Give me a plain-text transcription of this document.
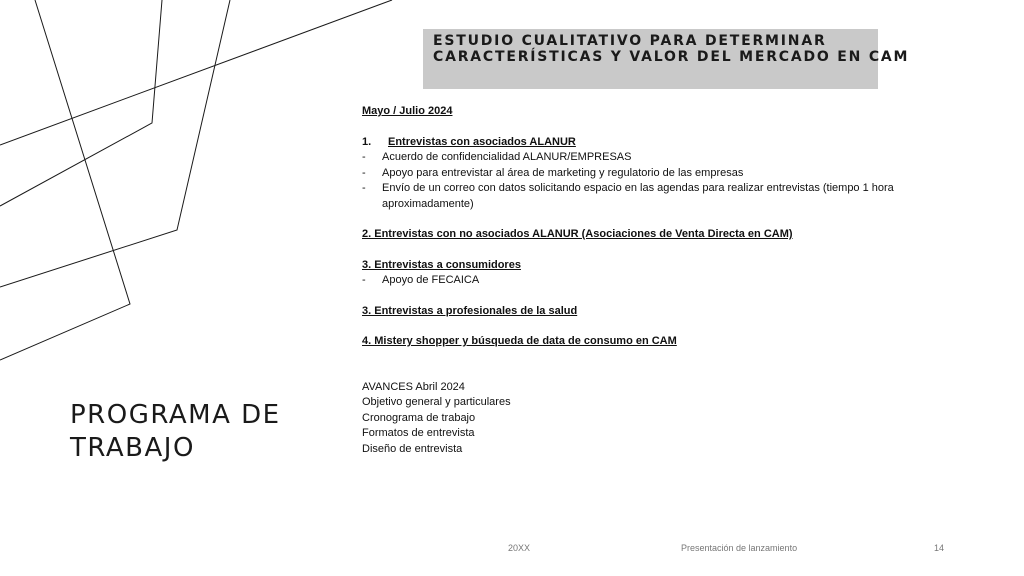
ESTUDIO CUALITATIVO PARA DETERMINAR
CARACTERÍSTICAS Y VALOR DEL MERCADO EN CAM
Mayo / Julio 2024
1. Entrevistas con asociados ALANUR
- Acuerdo de confidencialidad ALANUR/EMPRESAS
- Apoyo para entrevistar al área de marketing y regulatorio de las empresas
- Envío de un correo con datos solicitando espacio en las agendas para realizar entrevistas (tiempo 1 hora
aproximadamente)
2. Entrevistas con no asociados ALANUR (Asociaciones de Venta Directa en CAM)
3. Entrevistas a consumidores
- Apoyo de FECAICA
3. Entrevistas a profesionales de la salud
4. Mistery shopper y búsqueda de data de consumo en CAM
AVANCES Abril 2024
Objetivo general y particulares
Cronograma de trabajo
Formatos de entrevista
Diseño de entrevista
PROGRAMA DE
TRABAJO
20XX	Presentación de lanzamiento	14
